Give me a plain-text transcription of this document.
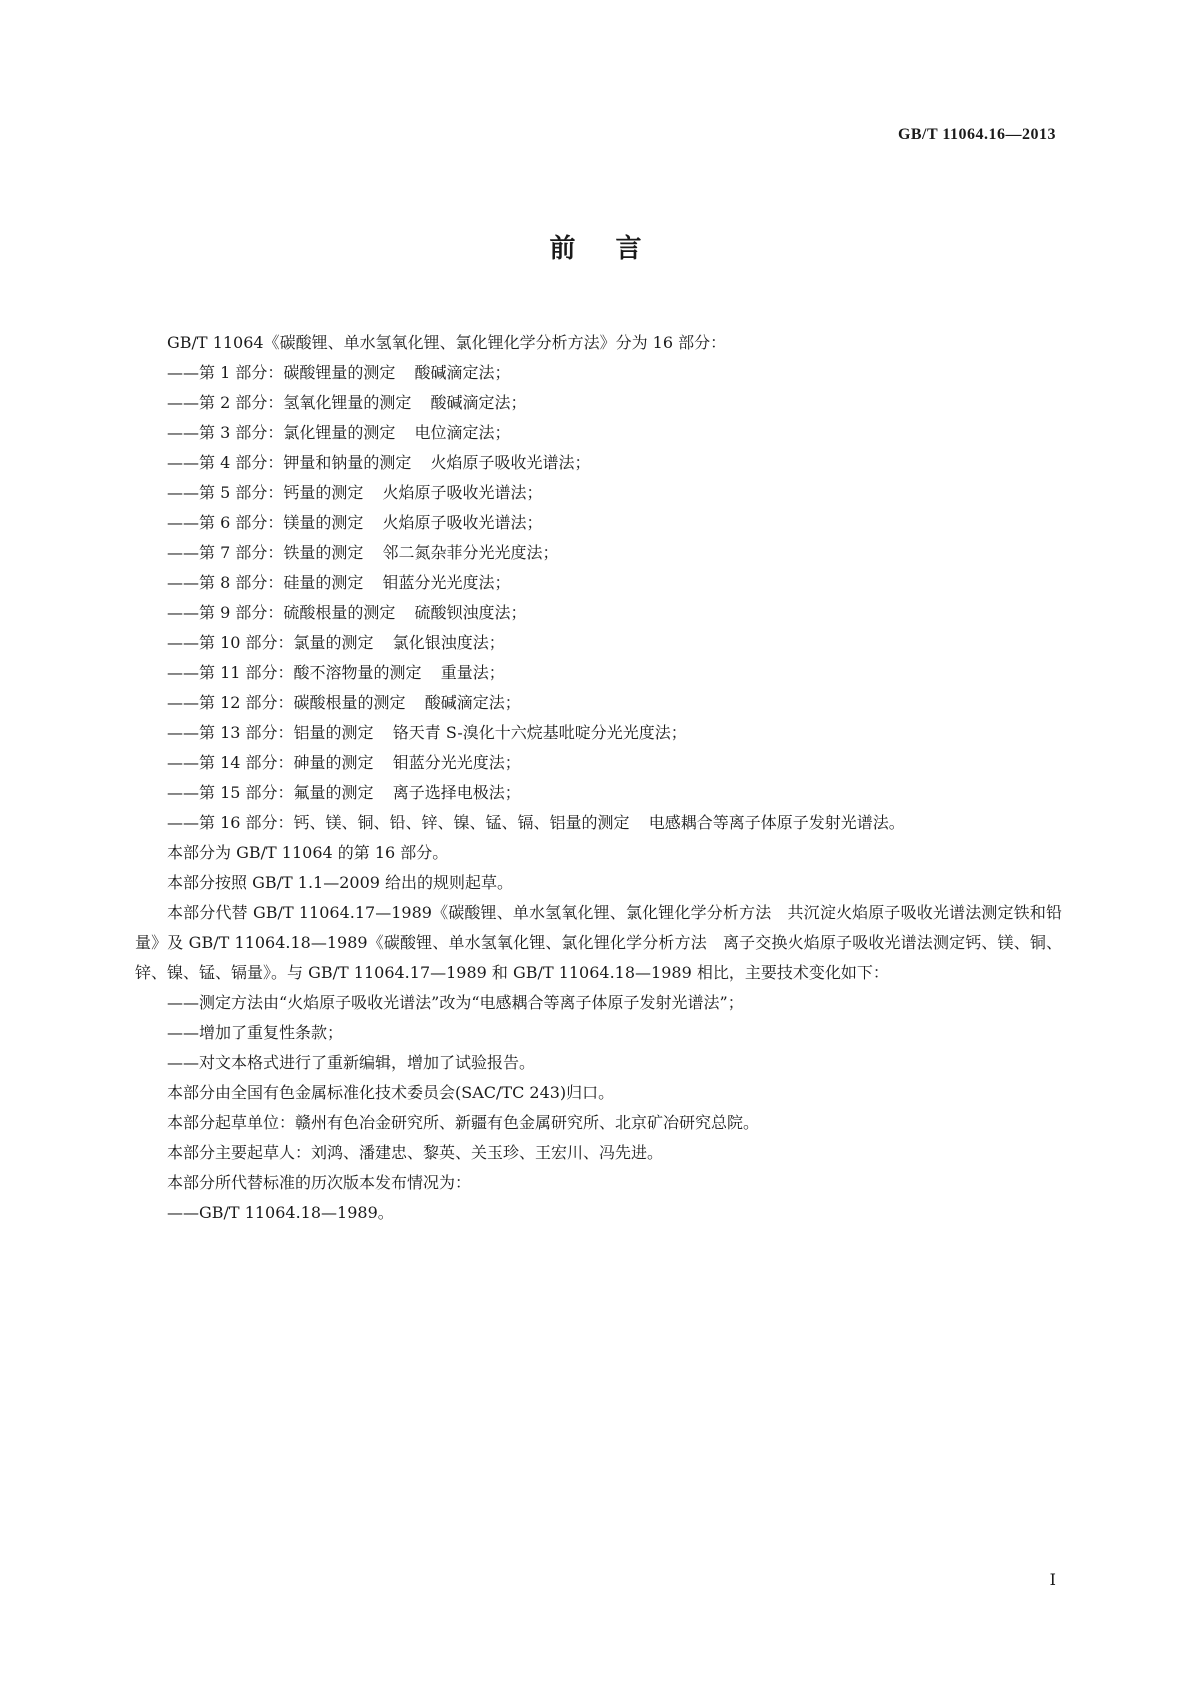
GB/T 11064.16—2013
前言

GB/T 11064《碳酸锂、单水氢氧化锂、氯化锂化学分析方法》分为 16 部分：

——第 1 部分：碳酸锂量的测定 酸碱滴定法；

——第 2 部分：氢氧化锂量的测定 酸碱滴定法；

——第 3 部分：氯化锂量的测定 电位滴定法；

——第 4 部分：钾量和钠量的测定 火焰原子吸收光谱法；

——第 5 部分：钙量的测定 火焰原子吸收光谱法；

——第 6 部分：镁量的测定 火焰原子吸收光谱法；

——第 7 部分：铁量的测定 邻二氮杂菲分光光度法；

——第 8 部分：硅量的测定 钼蓝分光光度法；

——第 9 部分：硫酸根量的测定 硫酸钡浊度法；

——第 10 部分：氯量的测定 氯化银浊度法；

——第 11 部分：酸不溶物量的测定 重量法；

——第 12 部分：碳酸根量的测定 酸碱滴定法；

——第 13 部分：铝量的测定 铬天青 S-溴化十六烷基吡啶分光光度法；

——第 14 部分：砷量的测定 钼蓝分光光度法；

——第 15 部分：氟量的测定 离子选择电极法；

——第 16 部分：钙、镁、铜、铅、锌、镍、锰、镉、铝量的测定 电感耦合等离子体原子发射光谱法。

本部分为 GB/T 11064 的第 16 部分。

本部分按照 GB/T 1.1—2009 给出的规则起草。

本部分代替 GB/T 11064.17—1989《碳酸锂、单水氢氧化锂、氯化锂化学分析方法　共沉淀火焰原子吸收光谱法测定铁和铅量》及 GB/T 11064.18—1989《碳酸锂、单水氢氧化锂、氯化锂化学分析方法　离子交换火焰原子吸收光谱法测定钙、镁、铜、锌、镍、锰、镉量》。与 GB/T 11064.17—1989 和 GB/T 11064.18—1989 相比，主要技术变化如下：

——测定方法由“火焰原子吸收光谱法”改为“电感耦合等离子体原子发射光谱法”；

——增加了重复性条款；

——对文本格式进行了重新编辑，增加了试验报告。

本部分由全国有色金属标准化技术委员会(SAC/TC 243)归口。

本部分起草单位：赣州有色冶金研究所、新疆有色金属研究所、北京矿冶研究总院。

本部分主要起草人：刘鸿、潘建忠、黎英、关玉珍、王宏川、冯先进。

本部分所代替标准的历次版本发布情况为：

——GB/T 11064.18—1989。

I
